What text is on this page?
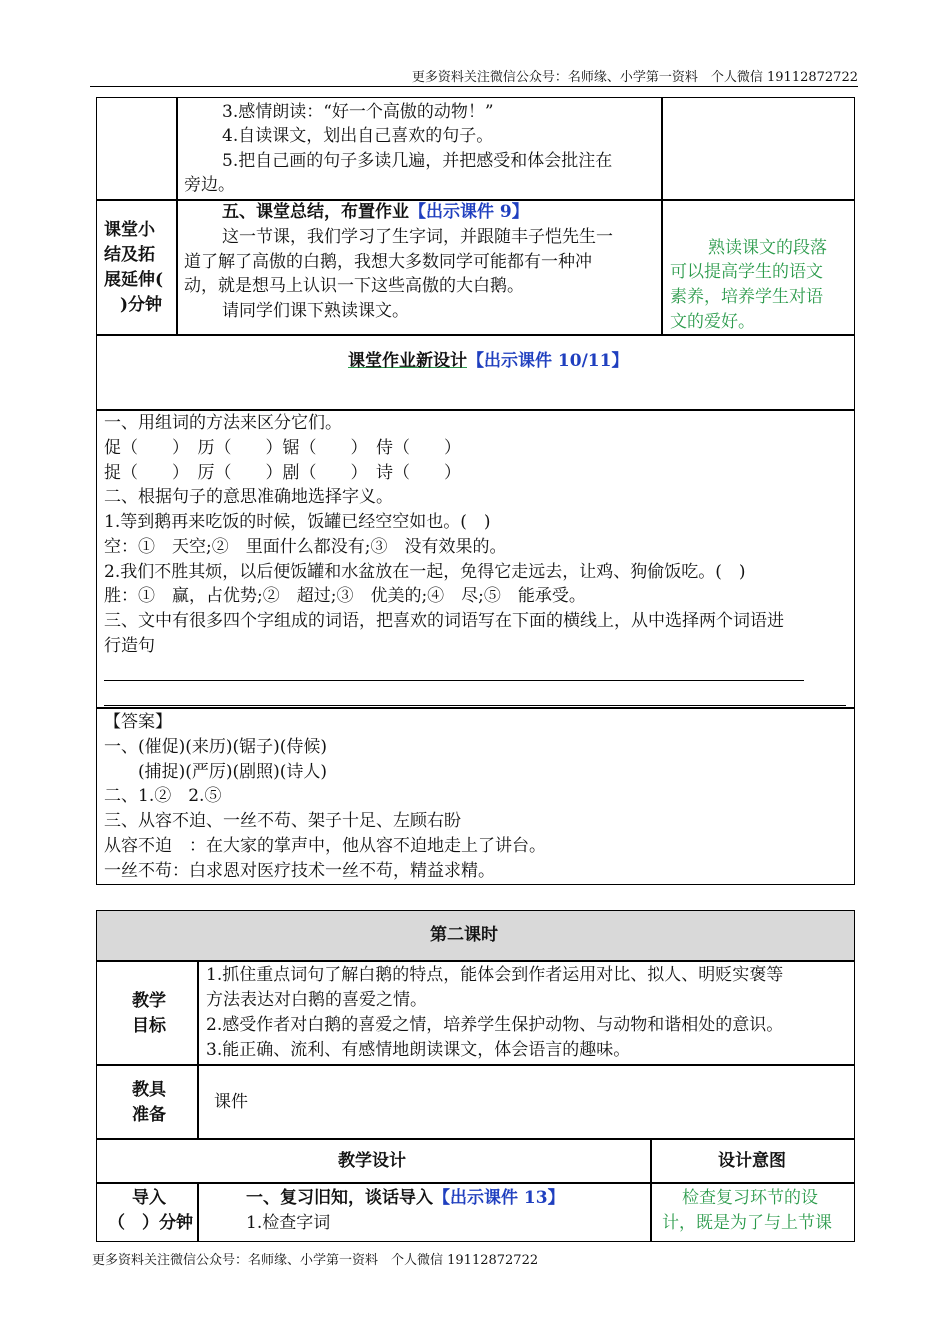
更多资料关注微信公众号：名师缘、小学第一资料　个人微信 19112872722
更多资料关注微信公众号：名师缘、小学第一资料　个人微信 19112872722
3.感情朗读：“好一个高傲的动物！”
4.自读课文，划出自己喜欢的句子。
5.把自己画的句子多读几遍，并把感受和体会批注在
旁边。
课堂小
结及拓
展延伸(
)分钟
五、课堂总结，布置作业【出示课件 9】
这一节课，我们学习了生字词，并跟随丰子恺先生一
道了解了高傲的白鹅，我想大多数同学可能都有一种冲
动，就是想马上认识一下这些高傲的大白鹅。
请同学们课下熟读课文。
熟读课文的段落
可以提高学生的语文
素养，培养学生对语
文的爱好。
课堂作业新设计【出示课件 10/11】
一、用组词的方法来区分它们。
促（　　）　历（　　）锯（　　）　侍（　　）
捉（　　）　厉（　　）剧（　　）　诗（　　）
二、根据句子的意思准确地选择字义。
1.等到鹅再来吃饭的时候，饭罐已经空空如也。(　)
空：①　天空;②　里面什么都没有;③　没有效果的。
2.我们不胜其烦，以后便饭罐和水盆放在一起，免得它走远去，让鸡、狗偷饭吃。(　)
胜：①　赢，占优势;②　超过;③　优美的;④　尽;⑤　能承受。
三、文中有很多四个字组成的词语，把喜欢的词语写在下面的横线上，从中选择两个词语进
行造句
【答案】
一、(催促)(来历)(锯子)(侍候)
　　(捕捉)(严厉)(剧照)(诗人)
二、1.②　2.⑤
三、从容不迫、一丝不苟、架子十足、左顾右盼
从容不迫　：在大家的掌声中，他从容不迫地走上了讲台。
一丝不苟：白求恩对医疗技术一丝不苟，精益求精。
第二课时
教学
目标
1.抓住重点词句了解白鹅的特点，能体会到作者运用对比、拟人、明贬实褒等
方法表达对白鹅的喜爱之情。
2.感受作者对白鹅的喜爱之情，培养学生保护动物、与动物和谐相处的意识。
3.能正确、流利、有感情地朗读课文，体会语言的趣味。
教具
准备
课件
教学设计	设计意图
导入
（　）分钟
一、复习旧知，谈话导入【出示课件 13】
1.检查字词
检查复习环节的设
计，既是为了与上节课
